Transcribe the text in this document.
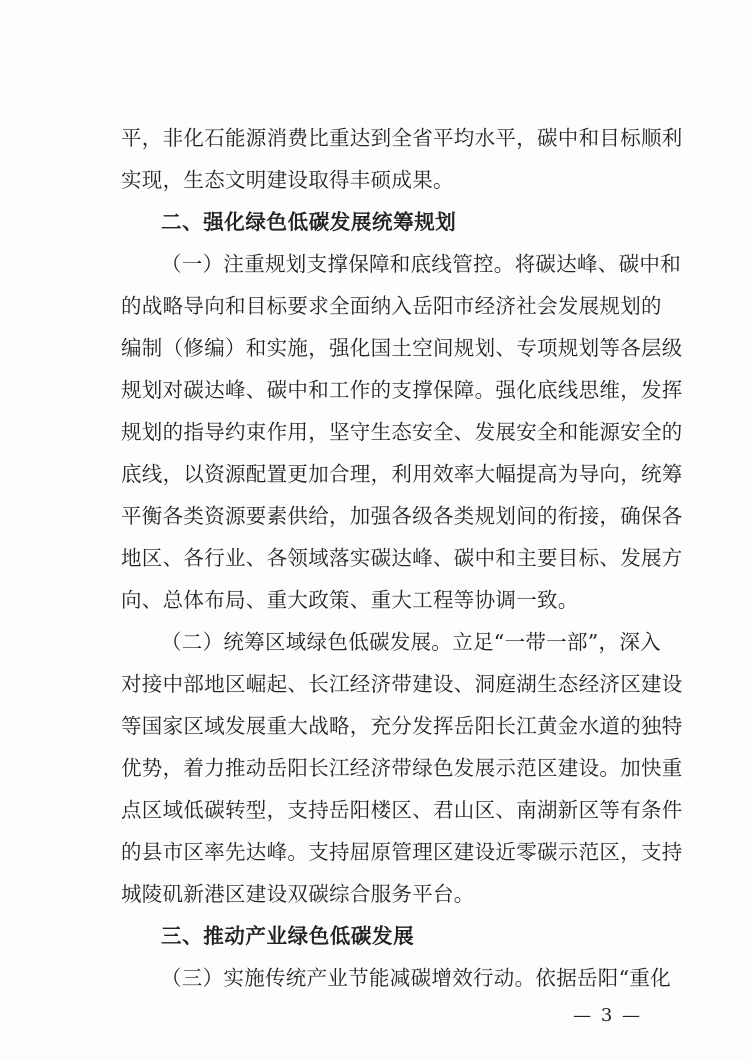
平，非化石能源消费比重达到全省平均水平，碳中和目标顺利
实现，生态文明建设取得丰硕成果。
二、强化绿色低碳发展统筹规划
（一）注重规划支撑保障和底线管控。将碳达峰、碳中和
的战略导向和目标要求全面纳入岳阳市经济社会发展规划的
编制（修编）和实施，强化国土空间规划、专项规划等各层级
规划对碳达峰、碳中和工作的支撑保障。强化底线思维，发挥
规划的指导约束作用，坚守生态安全、发展安全和能源安全的
底线，以资源配置更加合理，利用效率大幅提高为导向，统筹
平衡各类资源要素供给，加强各级各类规划间的衔接，确保各
地区、各行业、各领域落实碳达峰、碳中和主要目标、发展方
向、总体布局、重大政策、重大工程等协调一致。
（二）统筹区域绿色低碳发展。立足“一带一部”，深入
对接中部地区崛起、长江经济带建设、洞庭湖生态经济区建设
等国家区域发展重大战略，充分发挥岳阳长江黄金水道的独特
优势，着力推动岳阳长江经济带绿色发展示范区建设。加快重
点区域低碳转型，支持岳阳楼区、君山区、南湖新区等有条件
的县市区率先达峰。支持屈原管理区建设近零碳示范区，支持
城陵矶新港区建设双碳综合服务平台。
三、推动产业绿色低碳发展
（三）实施传统产业节能减碳增效行动。依据岳阳“重化
— 3 —
